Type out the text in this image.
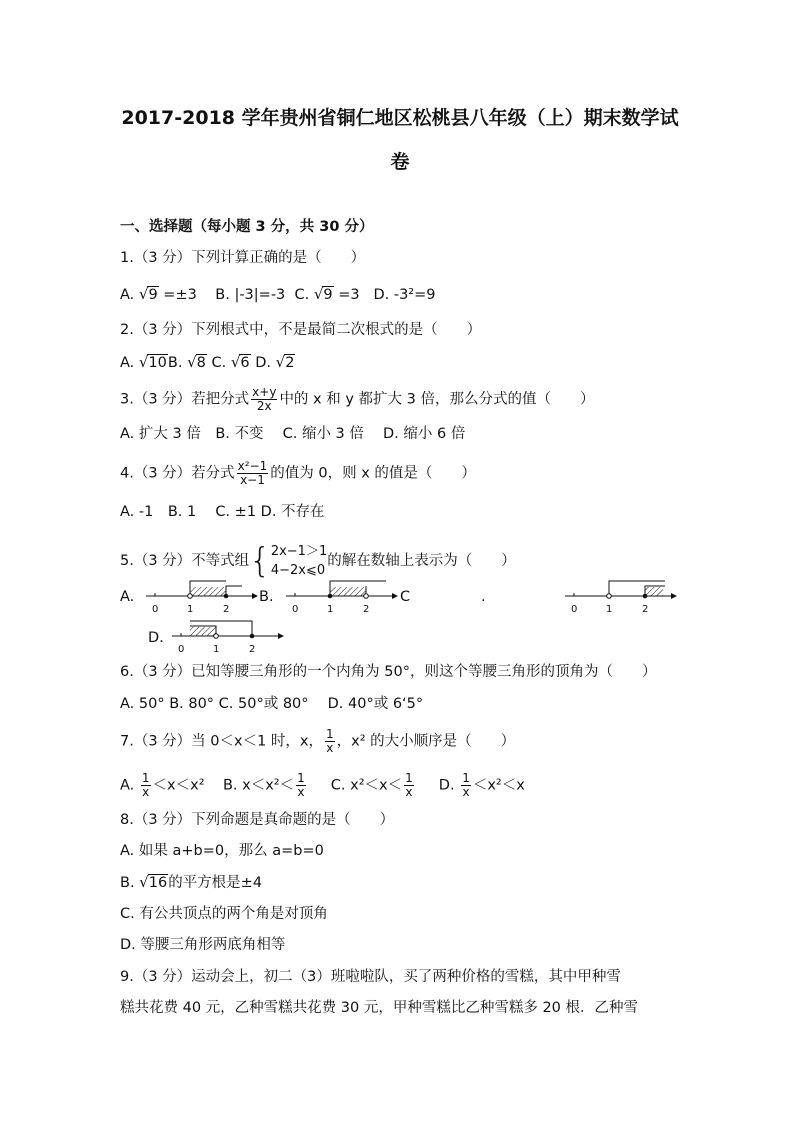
2017-2018 学年贵州省铜仁地区松桃县八年级（上）期末数学试
卷
一、选择题（每小题 3 分，共 30 分）
1.（3 分）下列计算正确的是（　　）
A. √9 =±3 B. |-3|=-3 C. √9 =3 D. -3²=9
2.（3 分）下列根式中，不是最简二次根式的是（　　）
A. √10B. √8 C. √6 D. √2
3.（3 分）若把分式 $\frac{x+y}{2x}$ 中的 x 和 y 都扩大 3 倍，那么分式的值（　　）
A. 扩大 3 倍　B. 不变　 C. 缩小 3 倍　 D. 缩小 6 倍
4.（3 分）若分式 $\frac{\text{x²−1}}{x-1}$ 的值为 0，则 x 的值是（　　）
A. -1　B. 1　 C. ±1 D. 不存在
5.（3 分）不等式组 { 2x−1＞1
4−2x⩽0
的解在数轴上表示为（　　）
A.	B.	C	.
D.
0	1	2	0	1	2	0	1	2
0	1	2
6.（3 分）已知等腰三角形的一个内角为 50°，则这个等腰三角形的顶角为（　　）
A. 50° B. 80° C. 50°或 80°　 D. 40°或 6‘5°
7.（3 分）当 0＜x＜1 时，x， $\frac{1}{x}$ ，x² 的大小顺序是（　　）
A. $\frac{1}{x} <x<x^2$ B. $x<x^2< \frac{1}{x} C$. $x^2<x< \frac{1}{x} D$. $\frac{1}{x} <x^2<x$
8.（3 分）下列命题是真命题的是（　　）
A. 如果 a+b=0，那么 a=b=0
B. √16的平方根是±4
C. 有公共顶点的两个角是对顶角
D. 等腰三角形两底角相等
9.（3 分）运动会上，初二（3）班啦啦队，买了两种价格的雪糕，其中甲种雪
糕共花费 40 元，乙种雪糕共花费 30 元，甲种雪糕比乙种雪糕多 20 根．乙种雪
